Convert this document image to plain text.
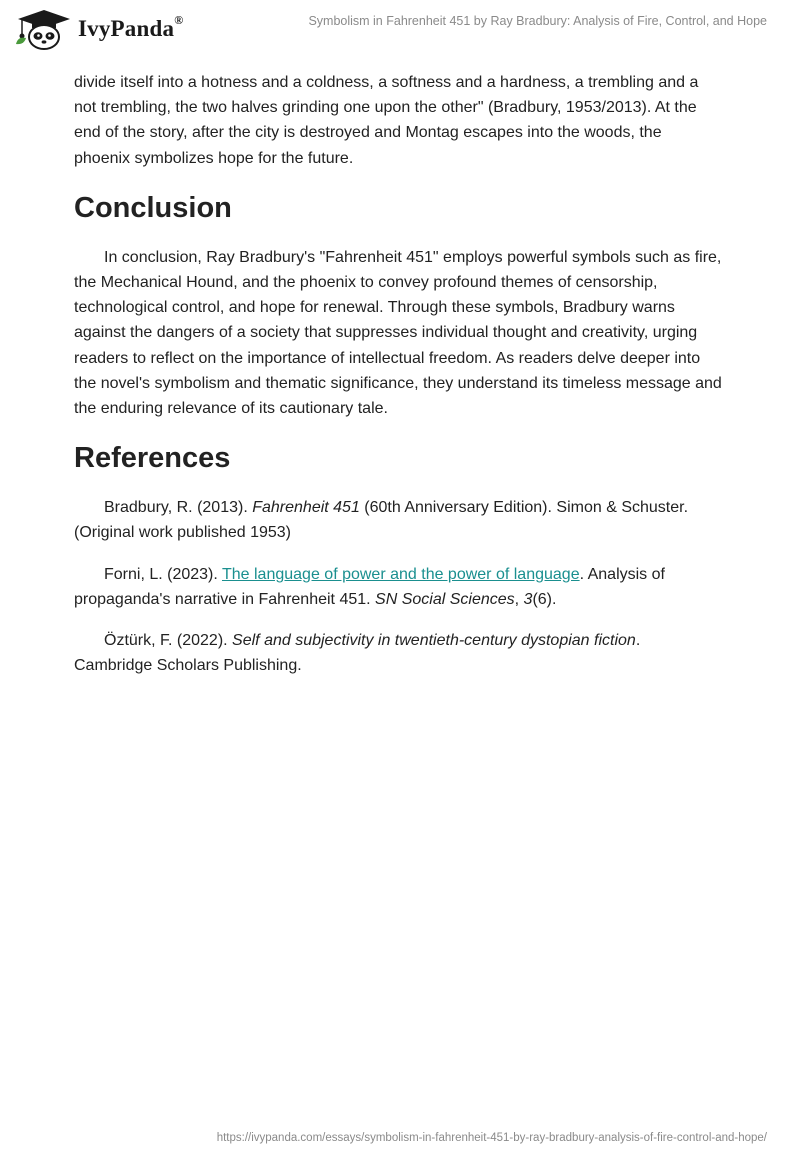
IvyPanda®	Symbolism in Fahrenheit 451 by Ray Bradbury: Analysis of Fire, Control, and Hope

divide itself into a hotness and a coldness, a softness and a hardness, a trembling and a not trembling, the two halves grinding one upon the other" (Bradbury, 1953/2013). At the end of the story, after the city is destroyed and Montag escapes into the woods, the phoenix symbolizes hope for the future.

Conclusion

In conclusion, Ray Bradbury's "Fahrenheit 451" employs powerful symbols such as fire, the Mechanical Hound, and the phoenix to convey profound themes of censorship, technological control, and hope for renewal. Through these symbols, Bradbury warns against the dangers of a society that suppresses individual thought and creativity, urging readers to reflect on the importance of intellectual freedom. As readers delve deeper into the novel's symbolism and thematic significance, they understand its timeless message and the enduring relevance of its cautionary tale.

References

Bradbury, R. (2013). Fahrenheit 451 (60th Anniversary Edition). Simon & Schuster. (Original work published 1953)

Forni, L. (2023). The language of power and the power of language. Analysis of propaganda's narrative in Fahrenheit 451. SN Social Sciences, 3(6).

Öztürk, F. (2022). Self and subjectivity in twentieth-century dystopian fiction. Cambridge Scholars Publishing.

https://ivypanda.com/essays/symbolism-in-fahrenheit-451-by-ray-bradbury-analysis-of-fire-control-and-hope/
